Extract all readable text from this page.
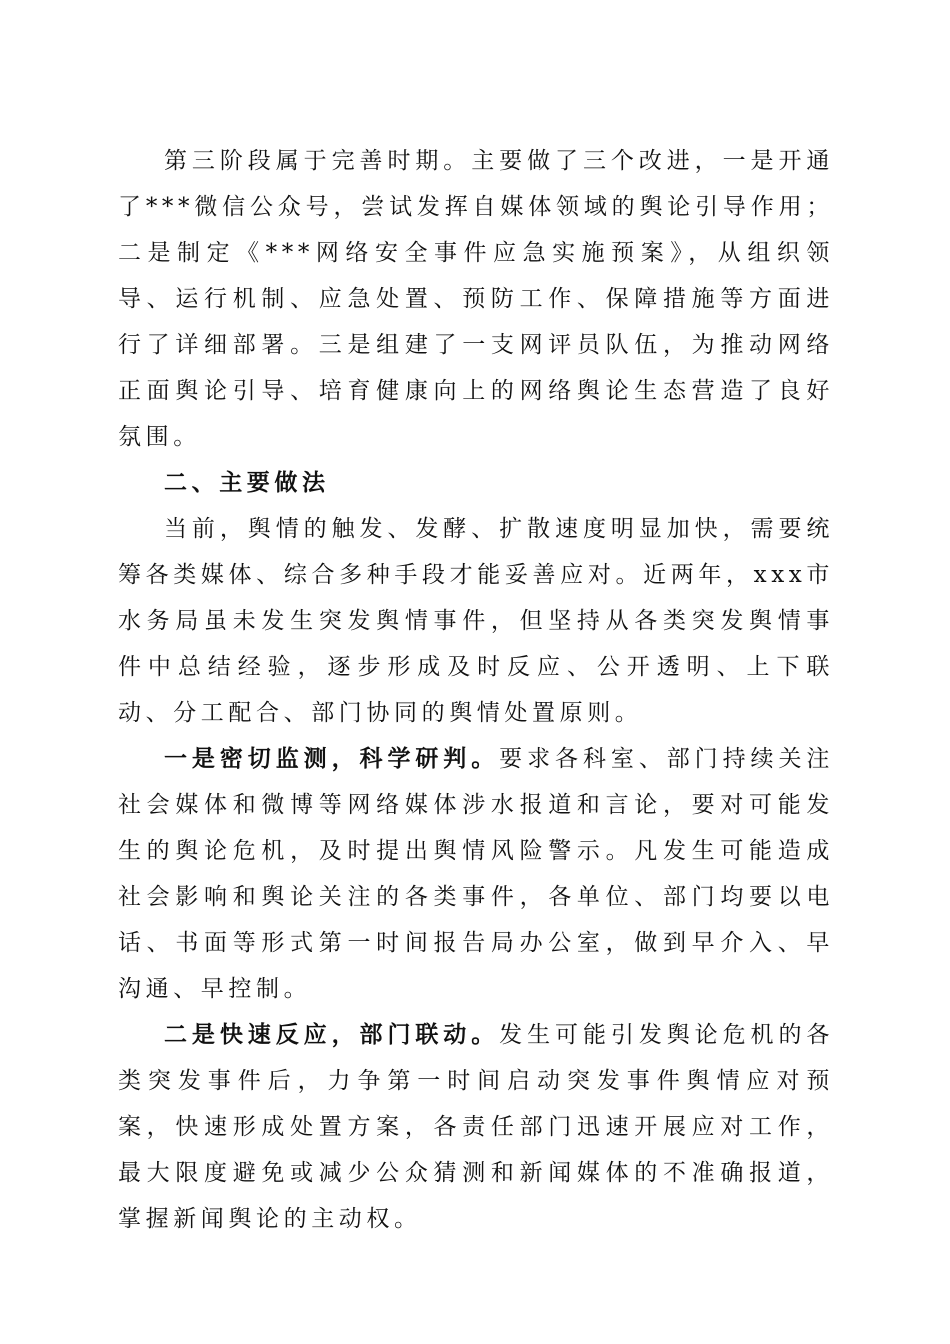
第三阶段属于完善时期。主要做了三个改进，一是开通了***微信公众号，尝试发挥自媒体领域的舆论引导作用；二是制定《***网络安全事件应急实施预案》，从组织领导、运行机制、应急处置、预防工作、保障措施等方面进行了详细部署。三是组建了一支网评员队伍，为推动网络正面舆论引导、培育健康向上的网络舆论生态营造了良好氛围。

二、主要做法

当前，舆情的触发、发酵、扩散速度明显加快，需要统筹各类媒体、综合多种手段才能妥善应对。近两年，xxx市水务局虽未发生突发舆情事件，但坚持从各类突发舆情事件中总结经验，逐步形成及时反应、公开透明、上下联动、分工配合、部门协同的舆情处置原则。

一是密切监测，科学研判。要求各科室、部门持续关注社会媒体和微博等网络媒体涉水报道和言论，要对可能发生的舆论危机，及时提出舆情风险警示。凡发生可能造成社会影响和舆论关注的各类事件，各单位、部门均要以电话、书面等形式第一时间报告局办公室，做到早介入、早沟通、早控制。

二是快速反应，部门联动。发生可能引发舆论危机的各类突发事件后，力争第一时间启动突发事件舆情应对预案，快速形成处置方案，各责任部门迅速开展应对工作，最大限度避免或减少公众猜测和新闻媒体的不准确报道，掌握新闻舆论的主动权。
